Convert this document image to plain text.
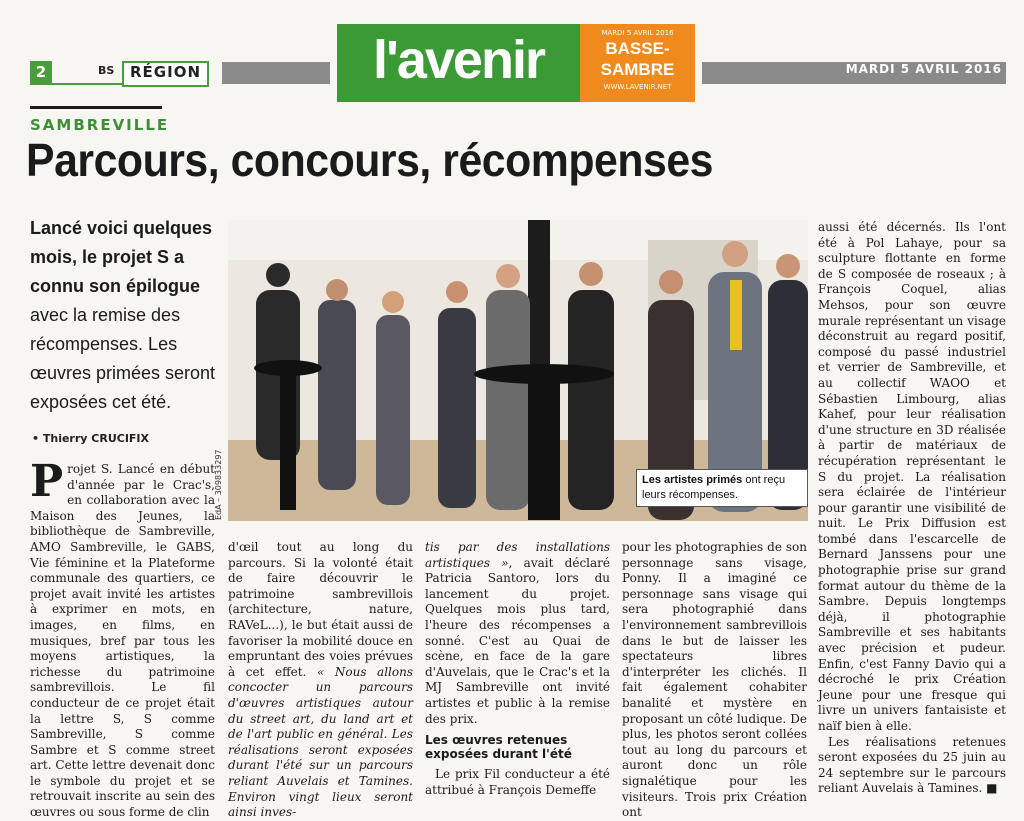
2	BS	RÉGION	l'avenir	MARDI 5 AVRIL 2016
BASSE-
SAMBRE
WWW.LAVENIR.NET
MARDI 5 AVRIL 2016
SAMBREVILLE
Parcours, concours, récompenses
Lancé voici quelques mois, le projet S a connu son épilogue avec la remise des récompenses. Les œuvres primées seront exposées cet été.
• Thierry CRUCIFIX
EdA – 309833297	Les artistes primés ont reçu leurs récompenses.
P rojet S. Lancé en début d'année par le Crac's, en collaboration avec la Maison des Jeunes, la bibliothèque de Sambreville, AMO Sambreville, le GABS, Vie féminine et la Plateforme communale des quartiers, ce projet avait invité les artistes à exprimer en mots, en images, en films, en musiques, bref par tous les moyens artistiques, la richesse du patrimoine sambrevillois. Le fil conducteur de ce projet était la lettre S, S comme Sambreville, S comme Sambre et S comme street art. Cette lettre devenait donc le symbole du projet et se retrouvait inscrite au sein des œuvres ou sous forme de clin

d'œil tout au long du parcours. Si la volonté était de faire découvrir le patrimoine sambrevillois (architecture, nature, RAVeL...), le but était aussi de favoriser la mobilité douce en empruntant des voies prévues à cet effet. « Nous allons concocter un parcours d'œuvres artistiques autour du street art, du land art et de l'art public en général. Les réalisations seront exposées durant l'été sur un parcours reliant Auvelais et Tamines. Environ vingt lieux seront ainsi inves-

tis par des installations artistiques », avait déclaré Patricia Santoro, lors du lancement du projet. Quelques mois plus tard, l'heure des récompenses a sonné. C'est au Quai de scène, en face de la gare d'Auvelais, que le Crac's et la MJ Sambreville ont invité artistes et public à la remise des prix.

Les œuvres retenues exposées durant l'été

Le prix Fil conducteur a été attribué à François Demeffe

pour les photographies de son personnage sans visage, Ponny. Il a imaginé ce personnage sans visage qui sera photographié dans l'environnement sambrevillois dans le but de laisser les spectateurs libres d'interpréter les clichés. Il fait également cohabiter banalité et mystère en proposant un côté ludique. De plus, les photos seront collées tout au long du parcours et auront donc un rôle signalétique pour les visiteurs. Trois prix Création ont

aussi été décernés. Ils l'ont été à Pol Lahaye, pour sa sculpture flottante en forme de S composée de roseaux ; à François Coquel, alias Mehsos, pour son œuvre murale représentant un visage déconstruit au regard positif, composé du passé industriel et verrier de Sambreville, et au collectif WAOO et Sébastien Limbourg, alias Kahef, pour leur réalisation d'une structure en 3D réalisée à partir de matériaux de récupération représentant le S du projet. La réalisation sera éclairée de l'intérieur pour garantir une visibilité de nuit. Le Prix Diffusion est tombé dans l'escarcelle de Bernard Janssens pour une photographie prise sur grand format autour du thème de la Sambre. Depuis longtemps déjà, il photographie Sambreville et ses habitants avec précision et pudeur. Enfin, c'est Fanny Davio qui a décroché le prix Création Jeune pour une fresque qui livre un univers fantaisiste et naïf bien à elle.

Les réalisations retenues seront exposées du 25 juin au 24 septembre sur le parcours reliant Auvelais à Tamines. ■
